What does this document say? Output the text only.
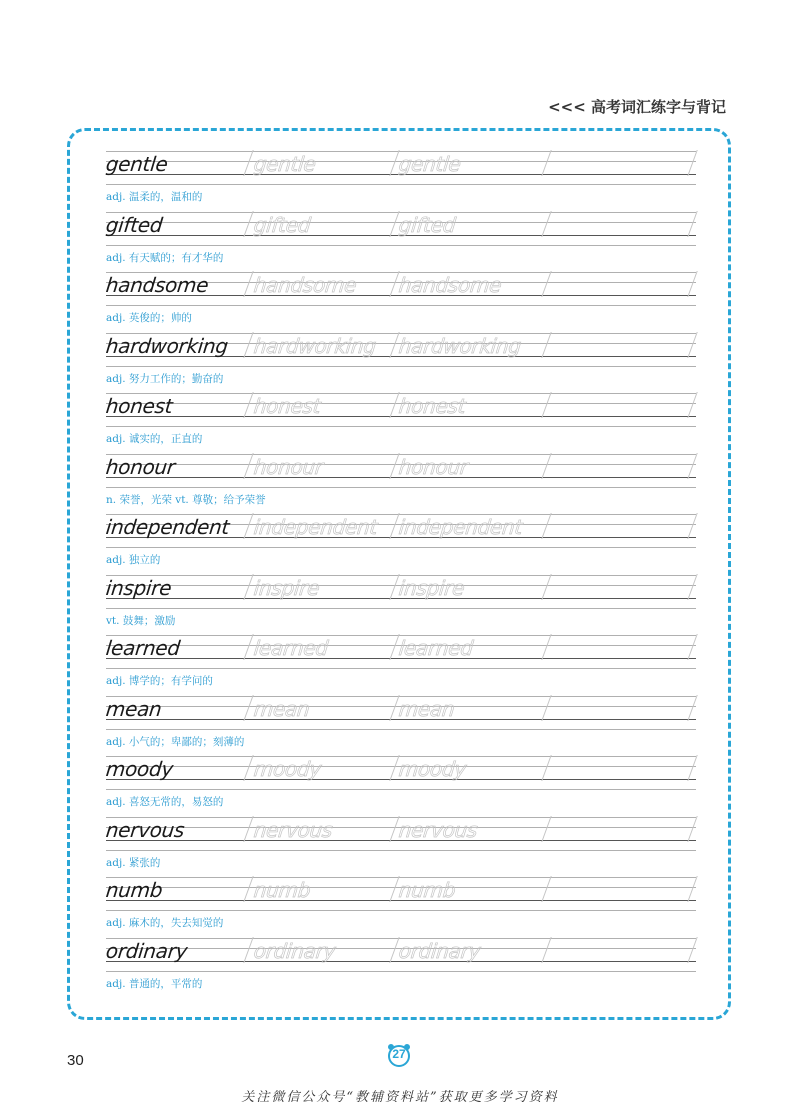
<<< 高考词汇练字与背记
gentle	gentle	gentle
adj. 温柔的，温和的
gifted	gifted	gifted
adj. 有天赋的；有才华的
handsome handsome handsome
adj. 英俊的；帅的
hardworking hardworking hardworking
adj. 努力工作的；勤奋的
honest	honest	honest
adj. 诚实的，正直的
honour	honour	honour
n. 荣誉，光荣 vt. 尊敬；给予荣誉
independent independent independent
adj. 独立的
inspire	inspire	inspire
vt. 鼓舞；激励
learned	learned	learned
adj. 博学的；有学问的
mean	mean	mean
adj. 小气的；卑鄙的；刻薄的
moody	moody	moody
adj. 喜怒无常的，易怒的
nervous	nervous	nervous
adj. 紧张的
numb	numb	numb
adj. 麻木的，失去知觉的
ordinary	ordinary	ordinary
adj. 普通的，平常的
30	27
关注微信公众号“教辅资料站”获取更多学习资料
